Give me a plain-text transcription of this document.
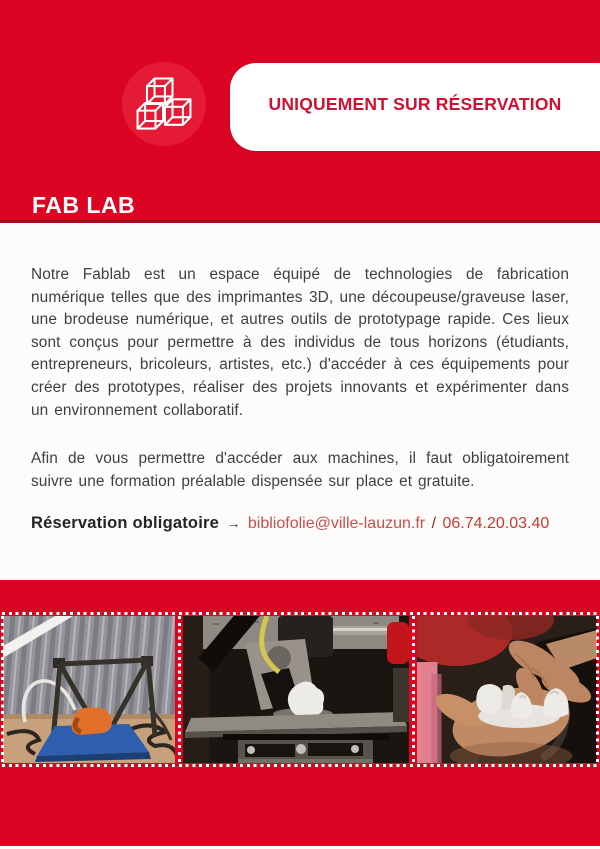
UNIQUEMENT SUR RÉSERVATION
FAB LAB

Notre Fablab est un espace équipé de technologies de fabrication numérique telles que des imprimantes 3D, une découpeuse/graveuse laser, une brodeuse numérique, et autres outils de prototypage rapide. Ces lieux sont conçus pour permettre à des individus de tous horizons (étudiants, entrepreneurs, bricoleurs, artistes, etc.) d'accéder à ces équipements pour créer des prototypes, réaliser des projets innovants et expérimenter dans un environnement collaboratif.

Afin de vous permettre d'accéder aux machines, il faut obligatoirement suivre une formation préalable dispensée sur place et gratuite.

Réservation obligatoire → bibliofolie@ville-lauzun.fr / 06.74.20.03.40
